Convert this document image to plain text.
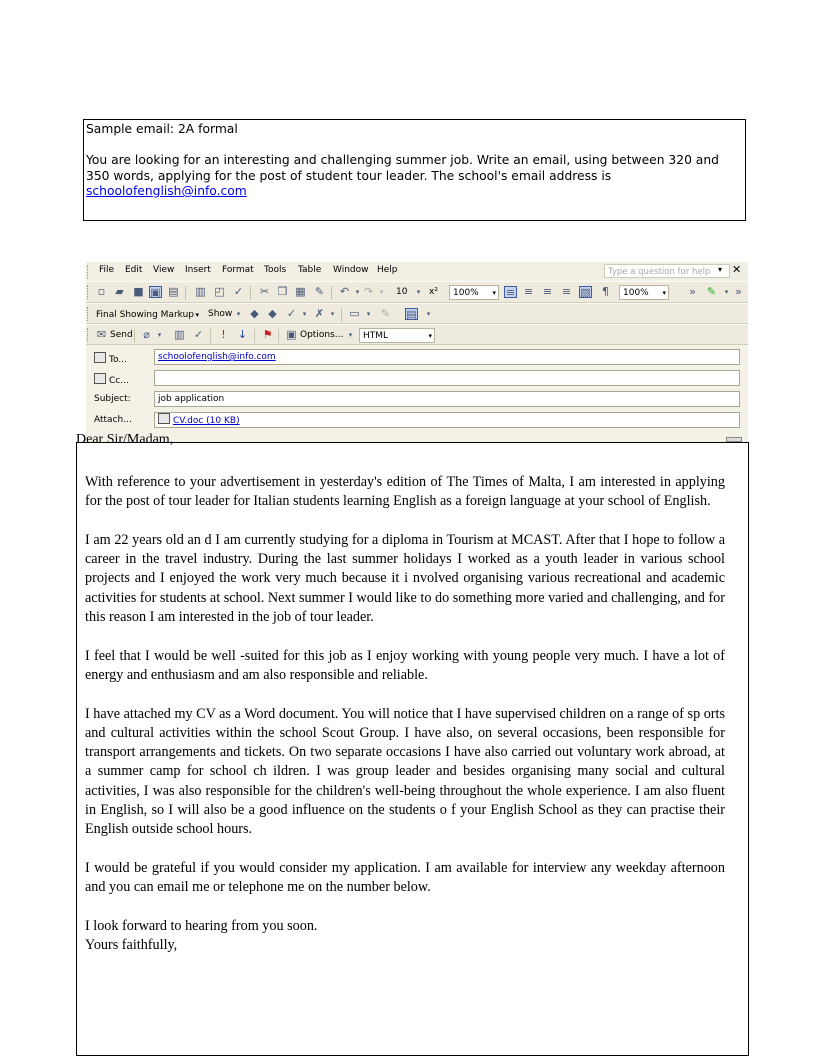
Sample email: 2A formal
You are looking for an interesting and challenging summer job. Write an email, using between 320 and 350 words, applying for the post of student tour leader. The school's email address is schoolofenglish@info.com
File Edit View Insert Format Tools Table Window Help	Type a question for help ▾ ✕
▫ ▰ ■ ▣ ▤ ▥ ◰ ✓ ✂ ❐ ▦ ✎ ↶ ▾ ↷ ▾	10	▾ x²	100% ▾ ≡ ≡ ≡ ≡ ▧ ¶	100% ▾ » ✎	▾ »
Final Showing Markup ▾ Show ▾ ◆ ◆ ✓ ▾ ✗ ▾	▭	▾ ✎ ▤	▾
✉ Send ⌀	▾	▥ ✓	!	↓ ⚑ ▣ Options... ▾	HTML	▾
To...	schoolofenglish@info.com
Cc...
Subject:	job application
Attach...	CV.doc (10 KB)
Dear Sir/Madam,

With reference to your advertisement in yesterday's edition of The Times of Malta, I am interested in applying for the post of tour leader for Italian students learning English as a foreign language at your school of English.

I am 22 years old an d I am currently studying for a diploma in Tourism at MCAST. After that I hope to follow a career in the travel industry. During the last summer holidays I worked as a youth leader in various school projects and I enjoyed the work very much because it i nvolved organising various recreational and academic activities for students at school. Next summer I would like to do something more varied and challenging, and for this reason I am interested in the job of tour leader.

I feel that I would be well -suited for this job as I enjoy working with young people very much. I have a lot of energy and enthusiasm and am also responsible and reliable.

I have attached my CV as a Word document. You will notice that I have supervised children on a range of sp orts and cultural activities within the school Scout Group. I have also, on several occasions, been responsible for transport arrangements and tickets. On two separate occasions I have also carried out voluntary work abroad, at a summer camp for school ch ildren. I was group leader and besides organising many social and cultural activities, I was also responsible for the children's well-being throughout the whole experience. I am also fluent in English, so I will also be a good influence on the students o f your English School as they can practise their English outside school hours.

I would be grateful if you would consider my application. I am available for interview any weekday afternoon and you can email me or telephone me on the number below.

I look forward to hearing from you soon.

Yours faithfully,
